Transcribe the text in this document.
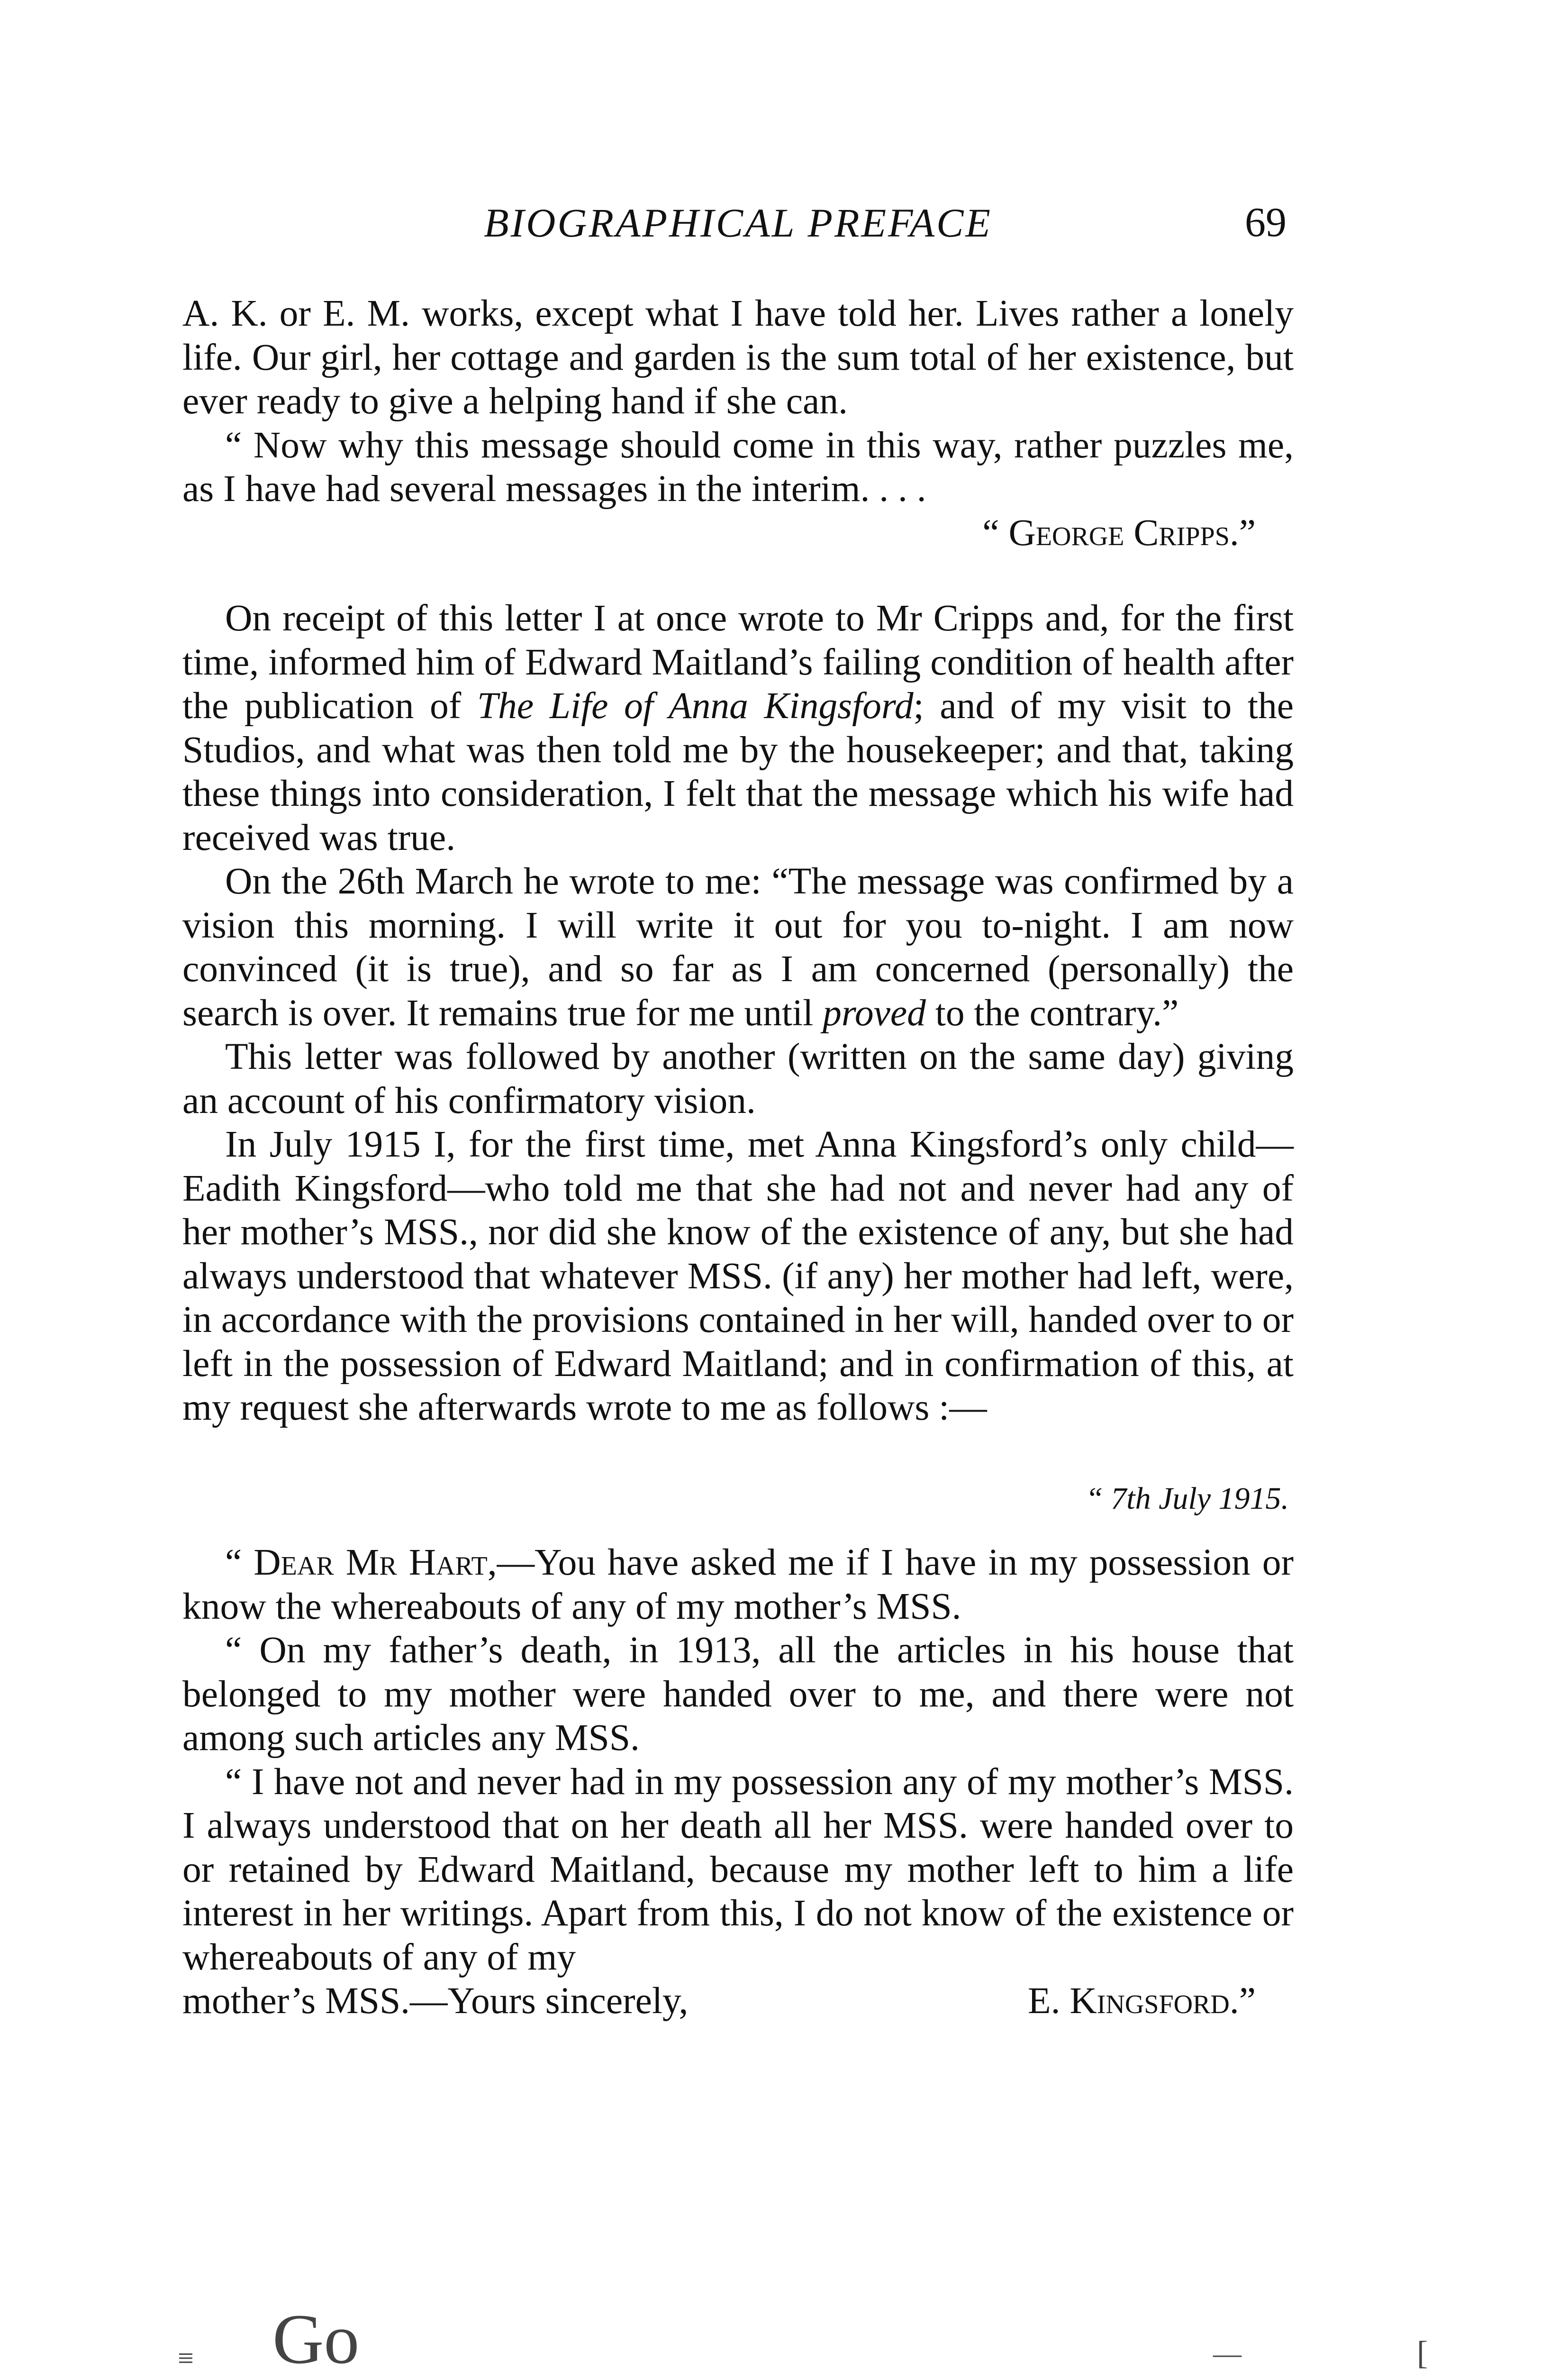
BIOGRAPHICAL PREFACE	69

A. K. or E. M. works, except what I have told her. Lives rather a lonely life. Our girl, her cottage and garden is the sum total of her existence, but ever ready to give a helping hand if she can.

“ Now why this message should come in this way, rather puzzles me, as I have had several messages in the interim. . . .

“ George Cripps.”

On receipt of this letter I at once wrote to Mr Cripps and, for the first time, informed him of Edward Maitland’s failing condition of health after the publication of The Life of Anna Kingsford; and of my visit to the Studios, and what was then told me by the housekeeper; and that, taking these things into consideration, I felt that the message which his wife had received was true.

On the 26th March he wrote to me: “The message was confirmed by a vision this morning. I will write it out for you to-night. I am now convinced (it is true), and so far as I am concerned (personally) the search is over. It remains true for me until proved to the contrary.”

This letter was followed by another (written on the same day) giving an account of his confirmatory vision.

In July 1915 I, for the first time, met Anna Kingsford’s only child—Eadith Kingsford—who told me that she had not and never had any of her mother’s MSS., nor did she know of the existence of any, but she had always understood that whatever MSS. (if any) her mother had left, were, in accordance with the provisions contained in her will, handed over to or left in the possession of Edward Maitland; and in confirmation of this, at my request she afterwards wrote to me as follows :—

“ 7th July 1915.

“ Dear Mr Hart,—You have asked me if I have in my possession or know the whereabouts of any of my mother’s MSS.

“ On my father’s death, in 1913, all the articles in his house that belonged to my mother were handed over to me, and there were not among such articles any MSS.

“ I have not and never had in my possession any of my mother’s MSS. I always understood that on her death all her MSS. were handed over to or retained by Edward Maitland, because my mother left to him a life interest in her writings. Apart from this, I do not know of the existence or whereabouts of any of my

mother’s MSS.—Yours sincerely,	E. Kingsford.”
Go
≡	[
—
